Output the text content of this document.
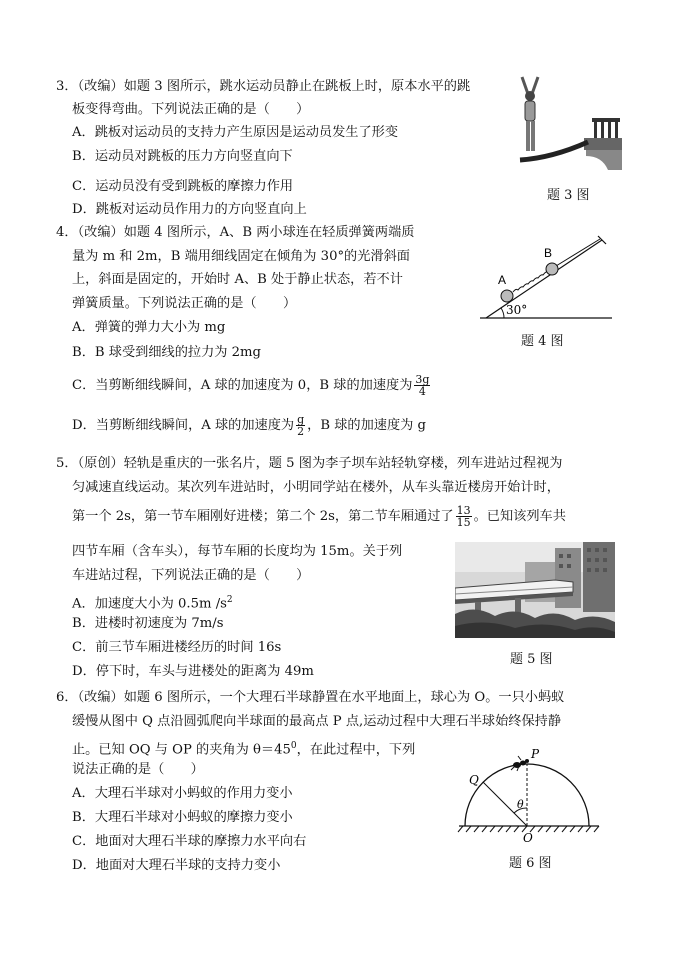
3．（改编）如题 3 图所示，跳水运动员静止在跳板上时，原本水平的跳
板变得弯曲。下列说法正确的是（　　）
A．跳板对运动员的支持力产生原因是运动员发生了形变
B．运动员对跳板的压力方向竖直向下
C．运动员没有受到跳板的摩擦力作用
D．跳板对运动员作用力的方向竖直向上
题 3 图
4．（改编）如题 4 图所示，A、B 两小球连在轻质弹簧两端质
量为 m 和 2m，B 端用细线固定在倾角为 30°的光滑斜面
上，斜面是固定的，开始时 A、B 处于静止状态，若不计
弹簧质量。下列说法正确的是（　　）
A．弹簧的弹力大小为 mg
B．B 球受到细线的拉力为 2mg
C．当剪断细线瞬间，A 球的加速度为 0，B 球的加速度为 $\frac{3g}{4}$
D．当剪断细线瞬间，A 球的加速度为 $\frac{g}{2}$ ，B 球的加速度为 g
A
B
30°
题 4 图
5．（原创）轻轨是重庆的一张名片，题 5 图为李子坝车站轻轨穿楼，列车进站过程视为
匀减速直线运动。某次列车进站时，小明同学站在楼外，从车头靠近楼房开始计时，
第一个 2s，第一节车厢刚好进楼；第二个 2s，第二节车厢通过了 $\frac{13}{15}$ 。已知该列车共
四节车厢（含车头），每节车厢的长度均为 15m。关于列
车进站过程，下列说法正确的是（　　）
A．加速度大小为 0.5m $/s^2$
B．进楼时初速度为 7m/s
C．前三节车厢进楼经历的时间 16s
D．停下时，车头与进楼处的距离为 49m
题 5 图
6．（改编）如题 6 图所示，一个大理石半球静置在水平地面上，球心为 O。一只小蚂蚁
缓慢从图中 Q 点沿圆弧爬向半球面的最高点 P 点,运动过程中大理石半球始终保持静
止。已知 OQ 与 OP 的夹角为 $\theta=45^0$，在此过程中，下列
说法正确的是（　　）
A．大理石半球对小蚂蚁的作用力变小
B．大理石半球对小蚂蚁的摩擦力变小
C．地面对大理石半球的摩擦力水平向右
D．地面对大理石半球的支持力变小
P
Q
θ
O
题 6 图
